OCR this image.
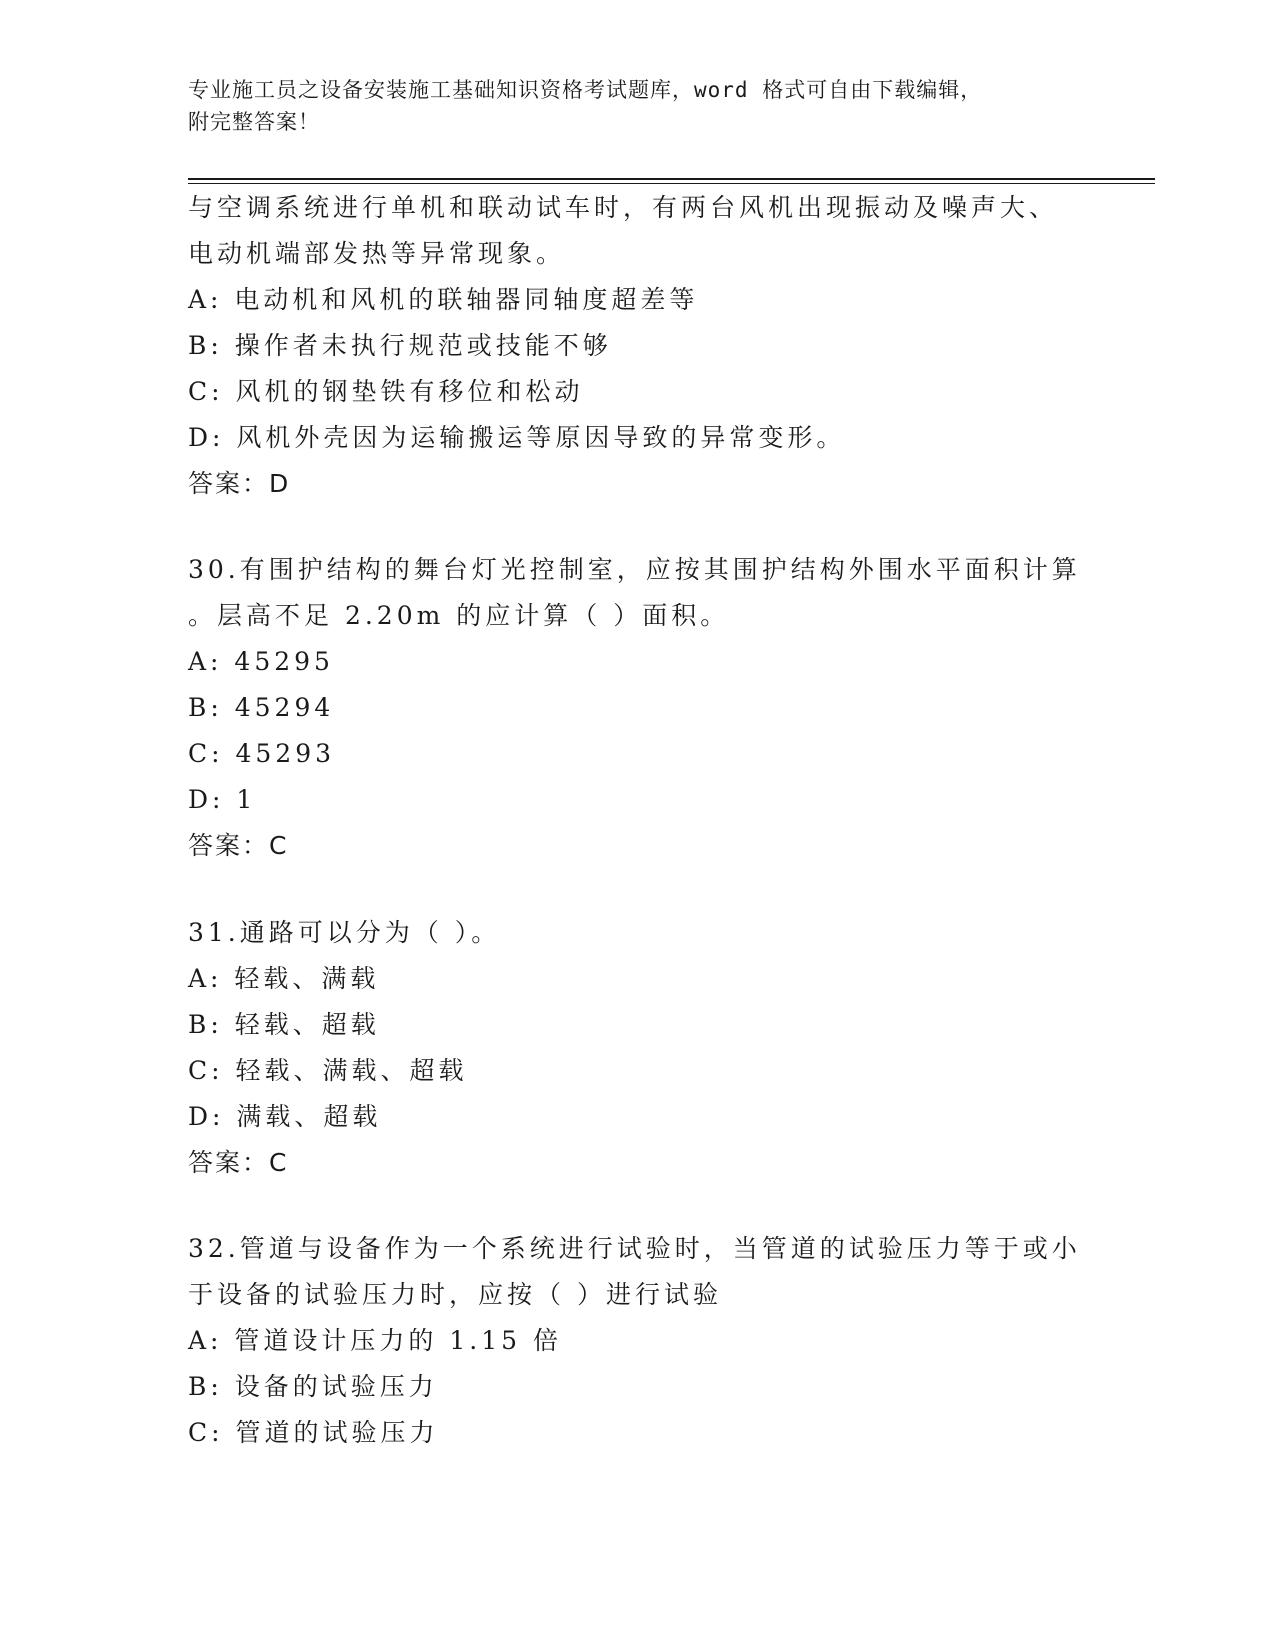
专业施工员之设备安装施工基础知识资格考试题库，word 格式可自由下载编辑，
附完整答案！
与空调系统进行单机和联动试车时，有两台风机出现振动及噪声大、
电动机端部发热等异常现象。
A: 电动机和风机的联轴器同轴度超差等
B: 操作者未执行规范或技能不够
C: 风机的钢垫铁有移位和松动
D: 风机外壳因为运输搬运等原因导致的异常变形。
答案：D
30.有围护结构的舞台灯光控制室，应按其围护结构外围水平面积计算
。层高不足 2.20m 的应计算（ ）面积。
A: 45295
B: 45294
C: 45293
D: 1
答案：C
31.通路可以分为（ ）。
A: 轻载、满载
B: 轻载、超载
C: 轻载、满载、超载
D: 满载、超载
答案：C
32.管道与设备作为一个系统进行试验时，当管道的试验压力等于或小
于设备的试验压力时，应按（ ）进行试验
A: 管道设计压力的 1.15 倍
B: 设备的试验压力
C: 管道的试验压力
